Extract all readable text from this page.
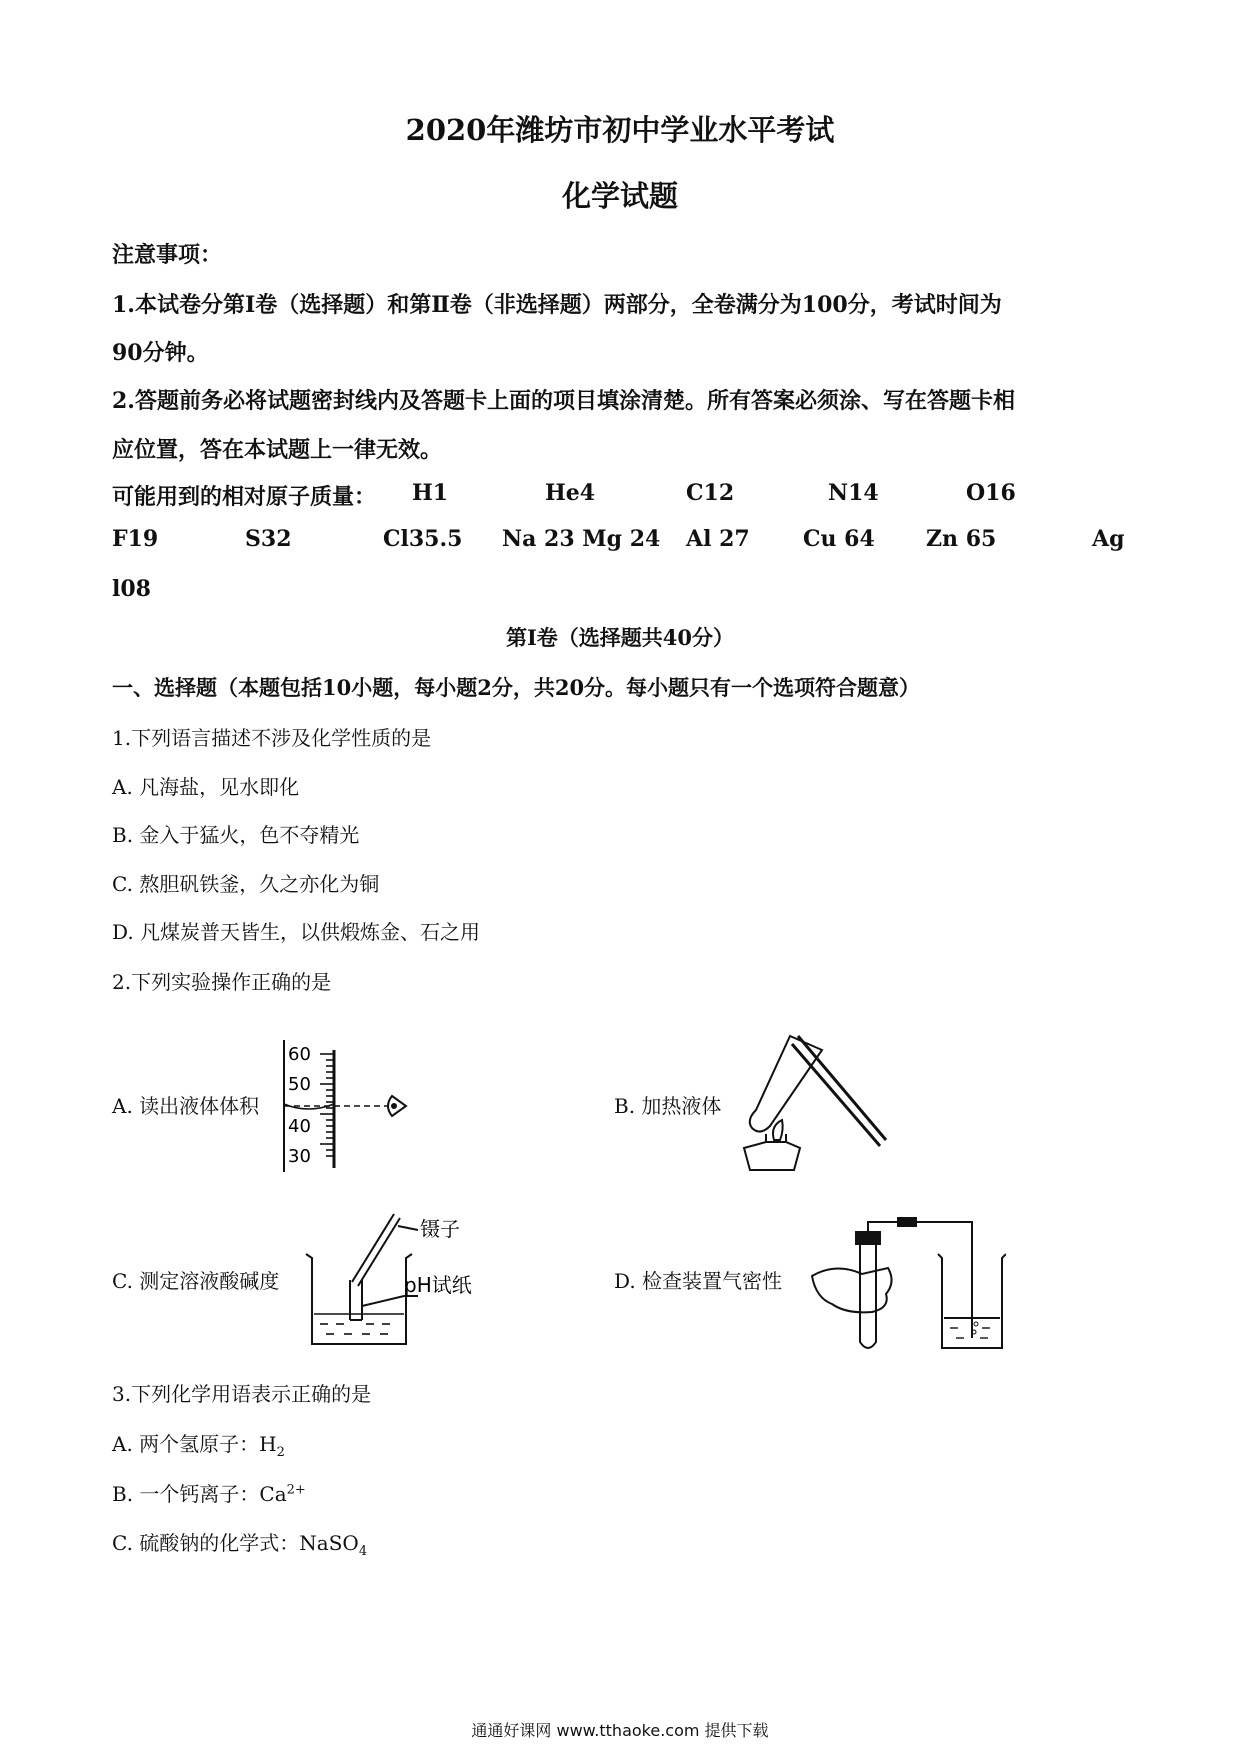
2020年潍坊市初中学业水平考试
化学试题
注意事项：
1.本试卷分第Ⅰ卷（选择题）和第Ⅱ卷（非选择题）两部分，全卷满分为100分，考试时间为
90分钟。
2.答题前务必将试题密封线内及答题卡上面的项目填涂清楚。所有答案必须涂、写在答题卡相
应位置，答在本试题上一律无效。
可能用到的相对原子质量： H1	He4	C12	N14	O16
F19	S32	Cl35.5 Na 23 Mg 24 Al 27 Cu 64 Zn 65	Ag
l08
第Ⅰ卷（选择题共40分）
一、选择题（本题包括10小题，每小题2分，共20分。每小题只有一个选项符合题意）
1.下列语言描述不涉及化学性质的是
A. 凡海盐，见水即化
B. 金入于猛火，色不夺精光
C. 熬胆矾铁釜，久之亦化为铜
D. 凡煤炭普天皆生，以供煅炼金、石之用
2.下列实验操作正确的是
A. 读出液体体积
60
50
40
30
B. 加热液体
C. 测定溶液酸碱度
镊子
pH试纸	D. 检查装置气密性
3.下列化学用语表示正确的是
A. 两个氢原子：$H_2$
B. 一个钙离子：$Ca^{2+}$
C. 硫酸钠的化学式：NaSO$_4$
通通好课网 www.tthaoke.com 提供下载
